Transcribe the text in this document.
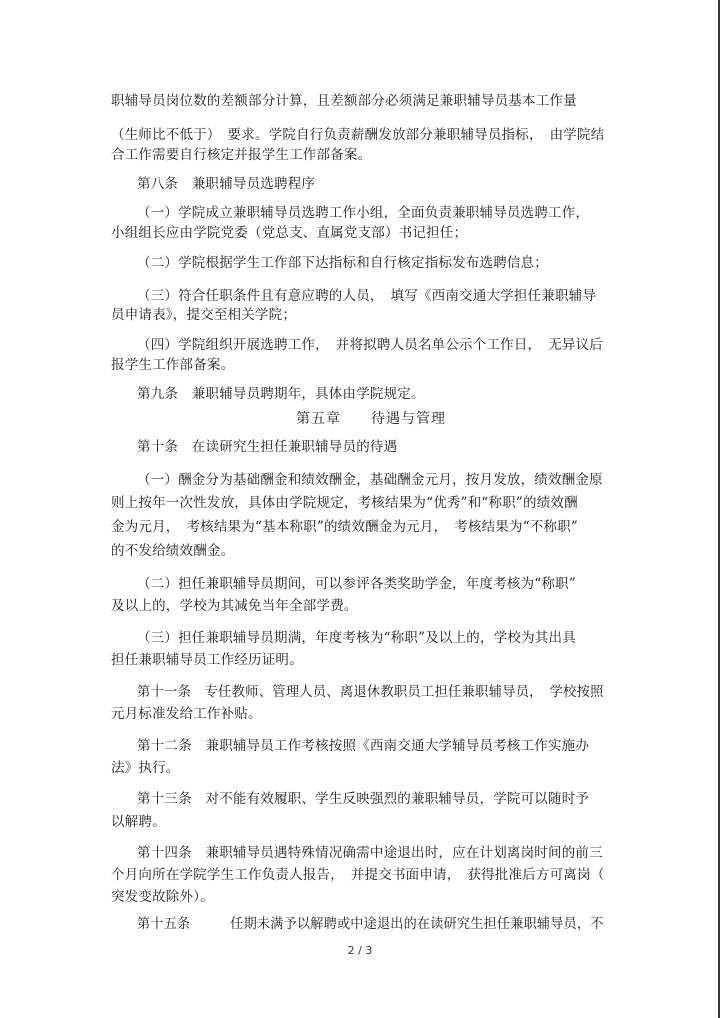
职辅导员岗位数的差额部分计算，且差额部分必须满足兼职辅导员基本工作量
（生师比不低于）　要求。学院自行负责薪酬发放部分兼职辅导员指标，　由学院结
合工作需要自行核定并报学生工作部备案。
第八条　兼职辅导员选聘程序
（一）学院成立兼职辅导员选聘工作小组，全面负责兼职辅导员选聘工作，
小组组长应由学院党委（党总支、直属党支部）书记担任；
（二）学院根据学生工作部下达指标和自行核定指标发布选聘信息；
（三）符合任职条件且有意应聘的人员，　填写《西南交通大学担任兼职辅导
员申请表》，提交至相关学院；
（四）学院组织开展选聘工作，　并将拟聘人员名单公示个工作日，　无异议后
报学生工作部备案。
第九条　兼职辅导员聘期年，具体由学院规定。
第五章　　待遇与管理
第十条　在读研究生担任兼职辅导员的待遇
（一）酬金分为基础酬金和绩效酬金，基础酬金元月，按月发放，绩效酬金原
则上按年一次性发放，具体由学院规定，考核结果为“优秀”和“称职”的绩效酬
金为元月，　考核结果为“基本称职”的绩效酬金为元月，　考核结果为“不称职”
的不发给绩效酬金。
（二）担任兼职辅导员期间，可以参评各类奖助学金，年度考核为“称职”
及以上的，学校为其减免当年全部学费。
（三）担任兼职辅导员期满，年度考核为“称职”及以上的，学校为其出具
担任兼职辅导员工作经历证明。
第十一条　专任教师、管理人员、离退休教职员工担任兼职辅导员，　学校按照
元月标准发给工作补贴。
第十二条　兼职辅导员工作考核按照《西南交通大学辅导员考核工作实施办
法》执行。
第十三条　对不能有效履职、学生反映强烈的兼职辅导员，学院可以随时予
以解聘。
第十四条　兼职辅导员遇特殊情况确需中途退出时，应在计划离岗时间的前三
个月向所在学院学生工作负责人报告，　并提交书面申请，　获得批准后方可离岗（
突发变故除外）。
第十五条　　　任期未满予以解聘或中途退出的在读研究生担任兼职辅导员，不
2 / 3
